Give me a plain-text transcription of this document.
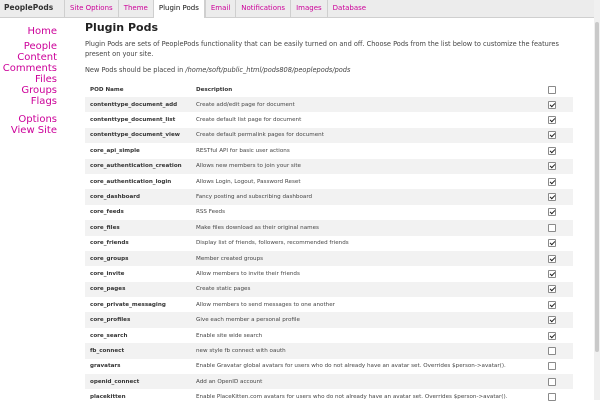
PeoplePods	Site Options	Theme	Plugin Pods	Email	Notifications	Images	Database
Home
People
Content
Comments
Files
Groups
Flags
Options
View Site
Plugin Pods

Plugin Pods are sets of PeoplePods functionality that can be easily turned on and off. Choose Pods from the list below to customize the features present on your site.

New Pods should be placed in /home/soft/public_html/pods808/peoplepods/pods

POD Name	Description	
contenttype_document_add	Create add/edit page for document	
contenttype_document_list	Create default list page for document	
contenttype_document_view	Create default permalink pages for document	
core_api_simple	RESTful API for basic user actions	
core_authentication_creation	Allows new members to join your site	
core_authentication_login	Allows Login, Logout, Password Reset	
core_dashboard	Fancy posting and subscribing dashboard	
core_feeds	RSS Feeds	
core_files	Make files download as their original names	
core_friends	Display list of friends, followers, recommended friends	
core_groups	Member created groups	
core_invite	Allow members to invite their friends	
core_pages	Create static pages	
core_private_messaging	Allow members to send messages to one another	
core_profiles	Give each member a personal profile	
core_search	Enable site wide search	
fb_connect	new style fb connect with oauth	
gravatars	Enable Gravatar global avatars for users who do not already have an avatar set. Overrides $person->avatar().	
openid_connect	Add an OpenID account	
placekitten	Enable PlaceKitten.com avatars for users who do not already have an avatar set. Overrides $person->avatar().	
